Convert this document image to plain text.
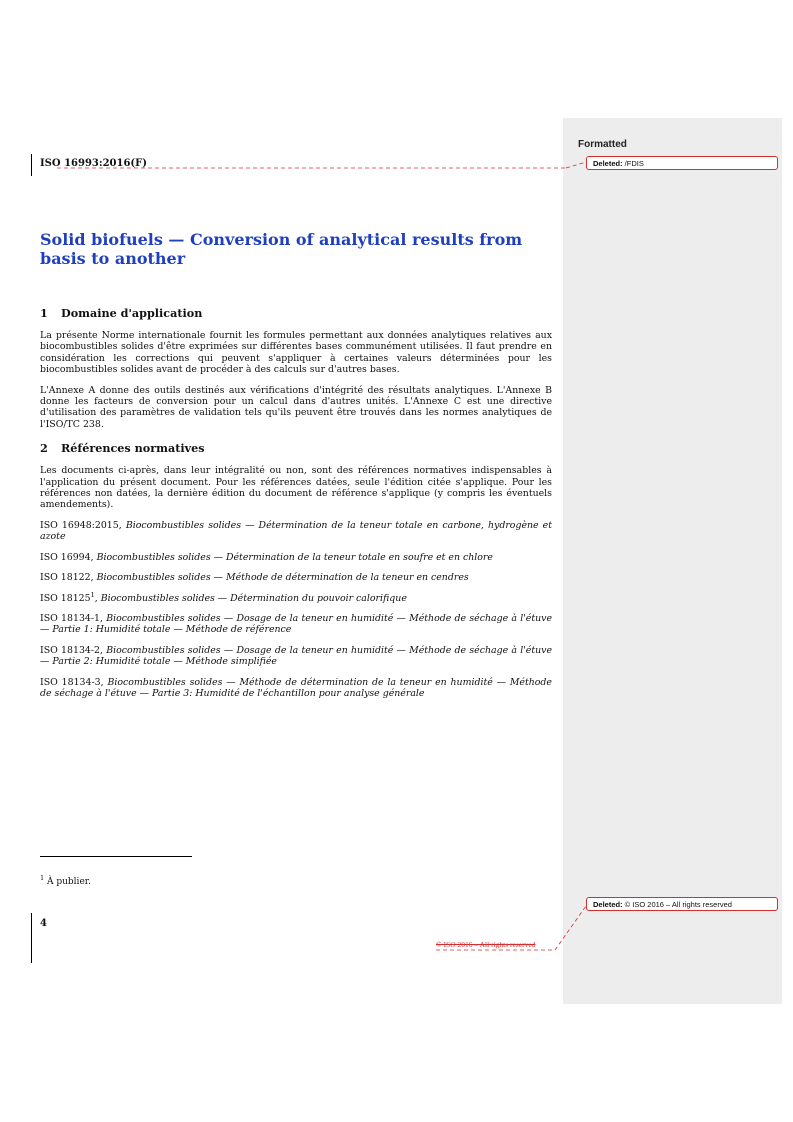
Formatted
Deleted: /FDIS
Deleted: © ISO 2016 – All rights reserved
ISO 16993:2016(F)
Solid biofuels — Conversion of analytical results from basis to another
1 Domaine d'application

La présente Norme internationale fournit les formules permettant aux données analytiques relatives aux biocombustibles solides d'être exprimées sur différentes bases communément utilisées. Il faut prendre en considération les corrections qui peuvent s'appliquer à certaines valeurs déterminées pour les biocombustibles solides avant de procéder à des calculs sur d'autres bases.

L'Annexe A donne des outils destinés aux vérifications d'intégrité des résultats analytiques. L'Annexe B donne les facteurs de conversion pour un calcul dans d'autres unités. L'Annexe C est une directive d'utilisation des paramètres de validation tels qu'ils peuvent être trouvés dans les normes analytiques de l'ISO/TC 238.

2 Références normatives

Les documents ci-après, dans leur intégralité ou non, sont des références normatives indispensables à l'application du présent document. Pour les références datées, seule l'édition citée s'applique. Pour les références non datées, la dernière édition du document de référence s'applique (y compris les éventuels amendements).

ISO 16948:2015, Biocombustibles solides — Détermination de la teneur totale en carbone, hydrogène et azote

ISO 16994, Biocombustibles solides — Détermination de la teneur totale en soufre et en chlore

ISO 18122, Biocombustibles solides — Méthode de détermination de la teneur en cendres

ISO 18125$^1$, Biocombustibles solides — Détermination du pouvoir calorifique

ISO 18134-1, Biocombustibles solides — Dosage de la teneur en humidité — Méthode de séchage à l'étuve — Partie 1: Humidité totale — Méthode de référence

ISO 18134-2, Biocombustibles solides — Dosage de la teneur en humidité — Méthode de séchage à l'étuve — Partie 2: Humidité totale — Méthode simplifiée

ISO 18134-3, Biocombustibles solides — Méthode de détermination de la teneur en humidité — Méthode de séchage à l'étuve — Partie 3: Humidité de l'échantillon pour analyse générale

$^1$ À publier.
4
© ISO 2016 – All rights reserved
